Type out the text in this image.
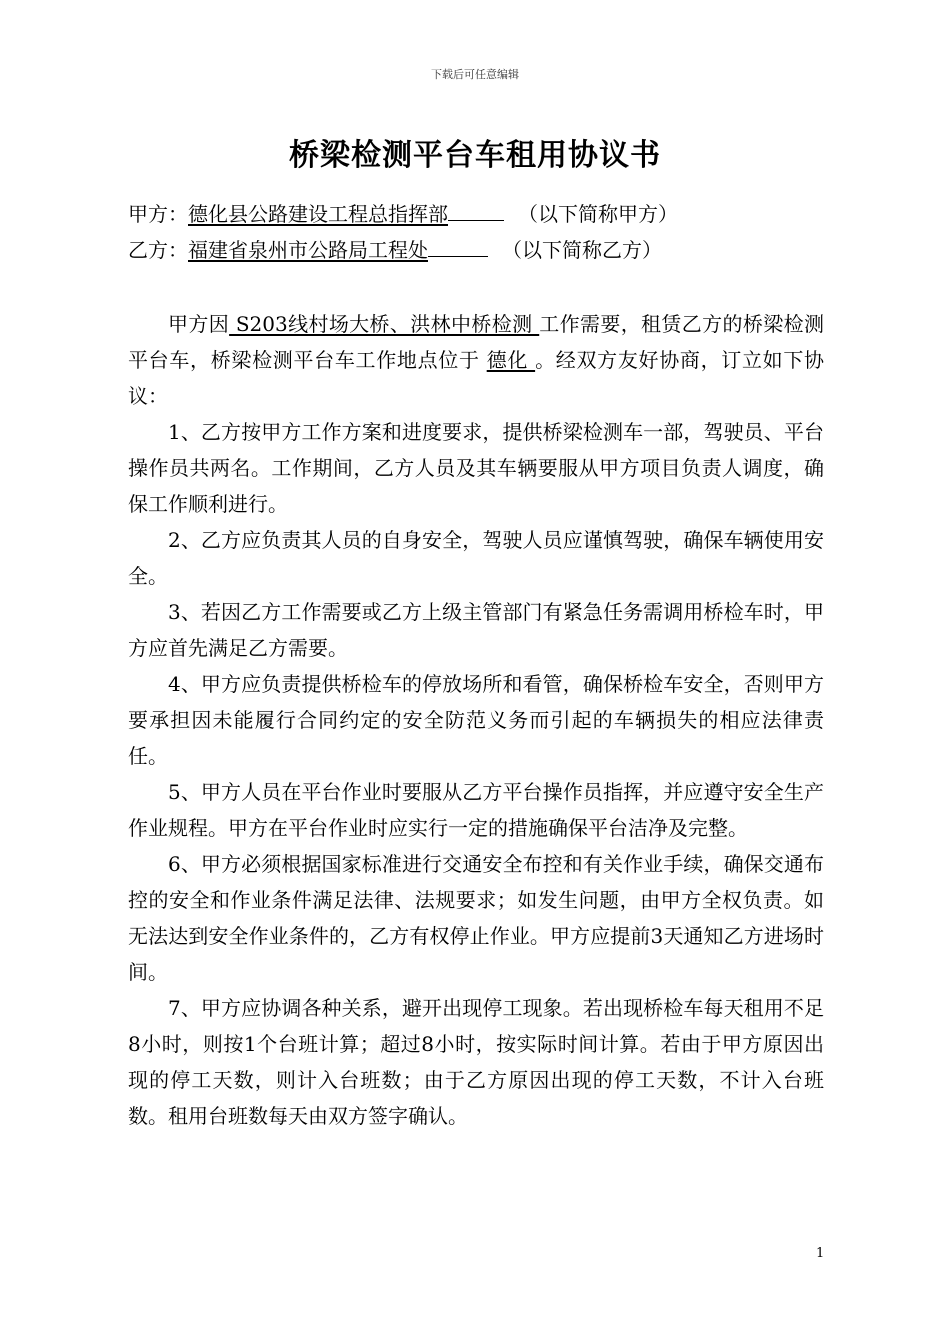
下载后可任意编辑
桥梁检测平台车租用协议书
甲方：德化县公路建设工程总指挥部	（以下简称甲方）
乙方：福建省泉州市公路局工程处	（以下简称乙方）

甲方因 S203线村场大桥、洪林中桥检测 工作需要，租赁乙方的桥梁检测平台车，桥梁检测平台车工作地点位于 德化 。经双方友好协商，订立如下协议：

1、乙方按甲方工作方案和进度要求，提供桥梁检测车一部，驾驶员、平台操作员共两名。工作期间，乙方人员及其车辆要服从甲方项目负责人调度，确保工作顺利进行。

2、乙方应负责其人员的自身安全，驾驶人员应谨慎驾驶，确保车辆使用安全。

3、若因乙方工作需要或乙方上级主管部门有紧急任务需调用桥检车时，甲方应首先满足乙方需要。

4、甲方应负责提供桥检车的停放场所和看管，确保桥检车安全，否则甲方要承担因未能履行合同约定的安全防范义务而引起的车辆损失的相应法律责任。

5、甲方人员在平台作业时要服从乙方平台操作员指挥，并应遵守安全生产作业规程。甲方在平台作业时应实行一定的措施确保平台洁净及完整。

6、甲方必须根据国家标准进行交通安全布控和有关作业手续，确保交通布控的安全和作业条件满足法律、法规要求；如发生问题，由甲方全权负责。如无法达到安全作业条件的，乙方有权停止作业。甲方应提前3天通知乙方进场时间。

7、甲方应协调各种关系，避开出现停工现象。若出现桥检车每天租用不足8小时，则按1个台班计算；超过8小时，按实际时间计算。若由于甲方原因出现的停工天数，则计入台班数；由于乙方原因出现的停工天数，不计入台班数。租用台班数每天由双方签字确认。

1
